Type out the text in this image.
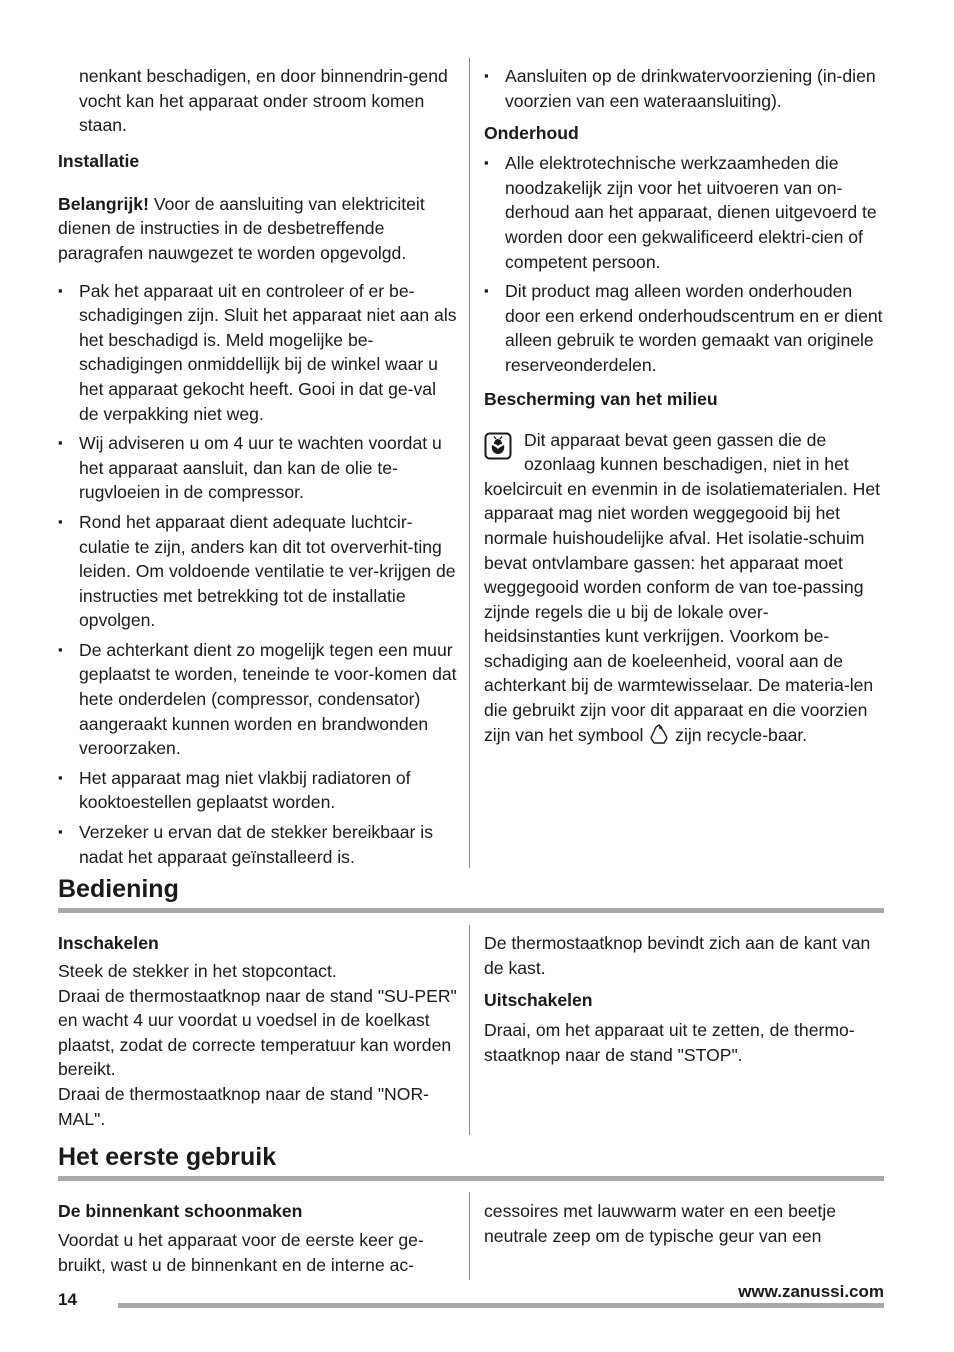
nenkant beschadigen, en door binnendrin-gend vocht kan het apparaat onder stroom komen staan.

Installatie

Belangrijk! Voor de aansluiting van elektriciteit dienen de instructies in de desbetreffende paragrafen nauwgezet te worden opgevolgd.

▪ Pak het apparaat uit en controleer of er be-schadigingen zijn. Sluit het apparaat niet aan als het beschadigd is. Meld mogelijke be-schadigingen onmiddellijk bij de winkel waar u het apparaat gekocht heeft. Gooi in dat ge-val de verpakking niet weg.
▪ Wij adviseren u om 4 uur te wachten voordat u het apparaat aansluit, dan kan de olie te-rugvloeien in de compressor.
▪ Rond het apparaat dient adequate luchtcir-culatie te zijn, anders kan dit tot oververhit-ting leiden. Om voldoende ventilatie te ver-krijgen de instructies met betrekking tot de installatie opvolgen.
▪ De achterkant dient zo mogelijk tegen een muur geplaatst te worden, teneinde te voor-komen dat hete onderdelen (compressor, condensator) aangeraakt kunnen worden en brandwonden veroorzaken.
▪ Het apparaat mag niet vlakbij radiatoren of kooktoestellen geplaatst worden.
▪ Verzeker u ervan dat de stekker bereikbaar is nadat het apparaat geïnstalleerd is.
▪ Aansluiten op de drinkwatervoorziening (in-dien voorzien van een wateraansluiting).

Onderhoud

▪ Alle elektrotechnische werkzaamheden die noodzakelijk zijn voor het uitvoeren van on-derhoud aan het apparaat, dienen uitgevoerd te worden door een gekwalificeerd elektri-cien of competent persoon.
▪ Dit product mag alleen worden onderhouden door een erkend onderhoudscentrum en er dient alleen gebruik te worden gemaakt van originele reserveonderdelen.

Bescherming van het milieu

Dit apparaat bevat geen gassen die de ozonlaag kunnen beschadigen, niet in het koelcircuit en evenmin in de isolatiematerialen. Het apparaat mag niet worden weggegooid bij het normale huishoudelijke afval. Het isolatie-schuim bevat ontvlambare gassen: het apparaat moet weggegooid worden conform de van toe-passing zijnde regels die u bij de lokale over-heidsinstanties kunt verkrijgen. Voorkom be-schadiging aan de koeleenheid, vooral aan de achterkant bij de warmtewisselaar. De materia-len die gebruikt zijn voor dit apparaat en die voorzien zijn van het symbool  zijn recycle-baar.

Bediening

Inschakelen

Steek de stekker in het stopcontact.

Draai de thermostaatknop naar de stand "SU-PER" en wacht 4 uur voordat u voedsel in de koelkast plaatst, zodat de correcte temperatuur kan worden bereikt.

Draai de thermostaatknop naar de stand "NOR-MAL".

De thermostaatknop bevindt zich aan de kant van de kast.

Uitschakelen

Draai, om het apparaat uit te zetten, de thermo-staatknop naar de stand "STOP".

Het eerste gebruik

De binnenkant schoonmaken

Voordat u het apparaat voor de eerste keer ge-bruikt, wast u de binnenkant en de interne ac-

cessoires met lauwwarm water en een beetje neutrale zeep om de typische geur van een

www.zanussi.com
14
